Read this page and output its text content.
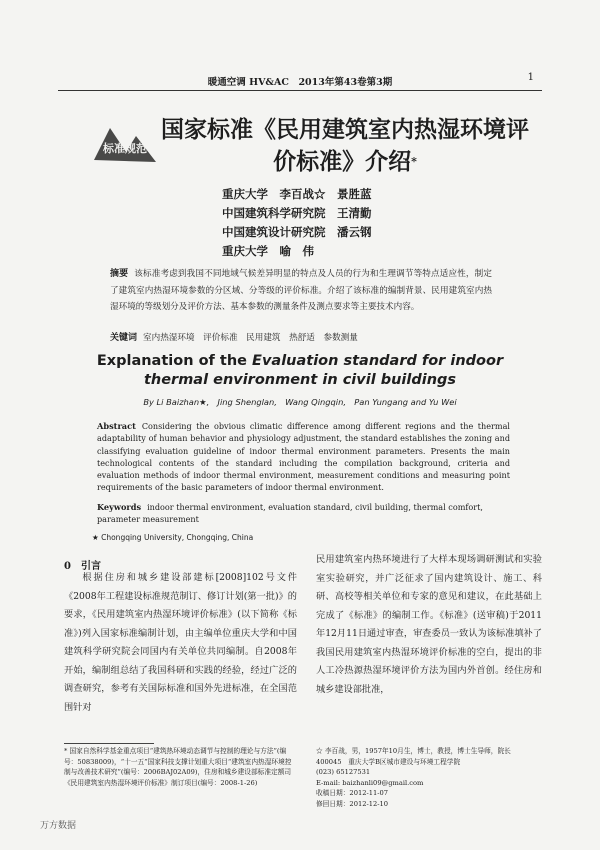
暖通空调 HV&AC　2013年第43卷第3期	1
标准规范
国家标准《民用建筑室内热湿环境评价标准》介绍*
重庆大学　李百战☆　景胜蓝
中国建筑科学研究院　王清勤
中国建筑设计研究院　潘云钢
重庆大学　喻　伟
摘要 该标准考虑到我国不同地域气候差异明显的特点及人员的行为和生理调节等特点适应性，制定了建筑室内热湿环境参数的分区域、分等级的评价标准。介绍了该标准的编制背景、民用建筑室内热湿环境的等级划分及评价方法、基本参数的测量条件及测点要求等主要技术内容。
关键词 室内热湿环境　评价标准　民用建筑　热舒适　参数测量
Explanation of the Evaluation standard for indoor
thermal environment in civil buildings
By Li Baizhan★,　Jing Shenglan,　Wang Qingqin,　Pan Yungang and Yu Wei
Abstract Considering the obvious climatic difference among different regions and the thermal adaptability of human behavior and physiology adjustment, the standard establishes the zoning and classifying evaluation guideline of indoor thermal environment parameters. Presents the main technological contents of the standard including the compilation background, criteria and evaluation methods of indoor thermal environment, measurement conditions and measuring point requirements of the basic parameters of indoor thermal environment.
Keywords indoor thermal environment, evaluation standard, civil building, thermal comfort, parameter measurement
★ Chongqing University, Chongqing, China
0　引言
根据住房和城乡建设部建标[2008]102号文件《2008年工程建设标准规范制订、修订计划(第一批)》的要求，《民用建筑室内热湿环境评价标准》(以下简称《标准》)列入国家标准编制计划，由主编单位重庆大学和中国建筑科学研究院会同国内有关单位共同编制。自2008年开始，编制组总结了我国科研和实践的经验，经过广泛的调查研究，参考有关国际标准和国外先进标准，在全国范围针对
民用建筑室内热环境进行了大样本现场调研测试和实验室实验研究，并广泛征求了国内建筑设计、施工、科研、高校等相关单位和专家的意见和建议，在此基础上完成了《标准》的编制工作。《标准》(送审稿)于2011年12月11日通过审查，审查委员一致认为该标准填补了我国民用建筑室内热湿环境评价标准的空白，提出的非人工冷热源热湿环境评价方法为国内外首创。经住房和城乡建设部批准，
* 国家自然科学基金重点项目“建筑热环境动态调节与控制的理论与方法”(编号：50838009)，“十一五”国家科技支撑计划重大项目“建筑室内热湿环境控制与改善技术研究”(编号：2006BAJ02A09)，住房和城乡建设部标准定额司《民用建筑室内热湿环境评价标准》制订项目(编号：2008-1-26)
☆ 李百战，男，1957年10月生，博士，教授，博士生导师，院长
400045　重庆大学B区城市建设与环境工程学院
(023) 65127531
E-mail: baizhanli09@gmail.com
收稿日期：2012-11-07
修回日期：2012-12-10
万方数据
